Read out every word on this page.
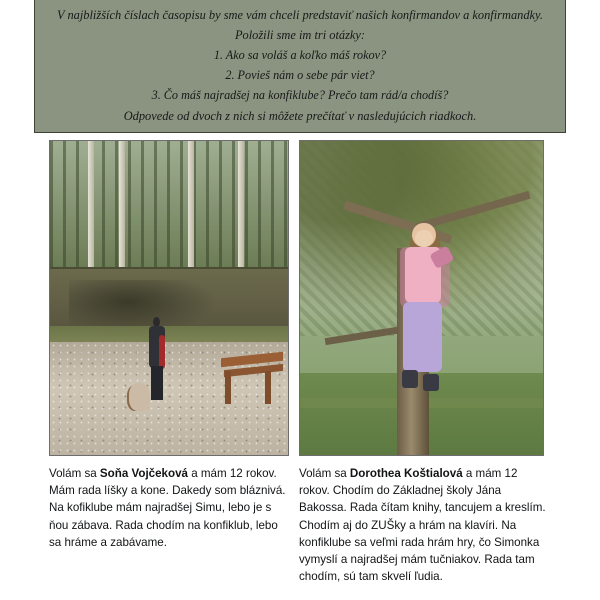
V najbližších číslach časopisu by sme vám chceli predstaviť našich konfirmandov a konfirmandky.
Položili sme im tri otázky:
1. Ako sa voláš a koľko máš rokov?
2. Povieš nám o sebe pár viet?
3. Čo máš najradšej na konfiklube? Prečo tam rád/a chodíš?
Odpovede od dvoch z nich si môžete prečítať v nasledujúcich riadkoch.
Volám sa Soňa Vojčeková a mám 12 rokov. Mám rada líšky a kone. Dakedy som bláznivá. Na kofiklube mám najradšej Simu, lebo je s ňou zábava. Rada chodím na konfiklub, lebo sa hráme a zabávame.
Volám sa Dorothea Koštialová a mám 12 rokov. Chodím do Základnej školy Jána Bakossa. Rada čítam knihy, tancujem a kreslím. Chodím aj do ZUŠky a hrám na klavíri. Na konfiklube sa veľmi rada hrám hry, čo Simonka vymyslí a najradšej mám tučniakov. Rada tam chodím, sú tam skvelí ľudia.
